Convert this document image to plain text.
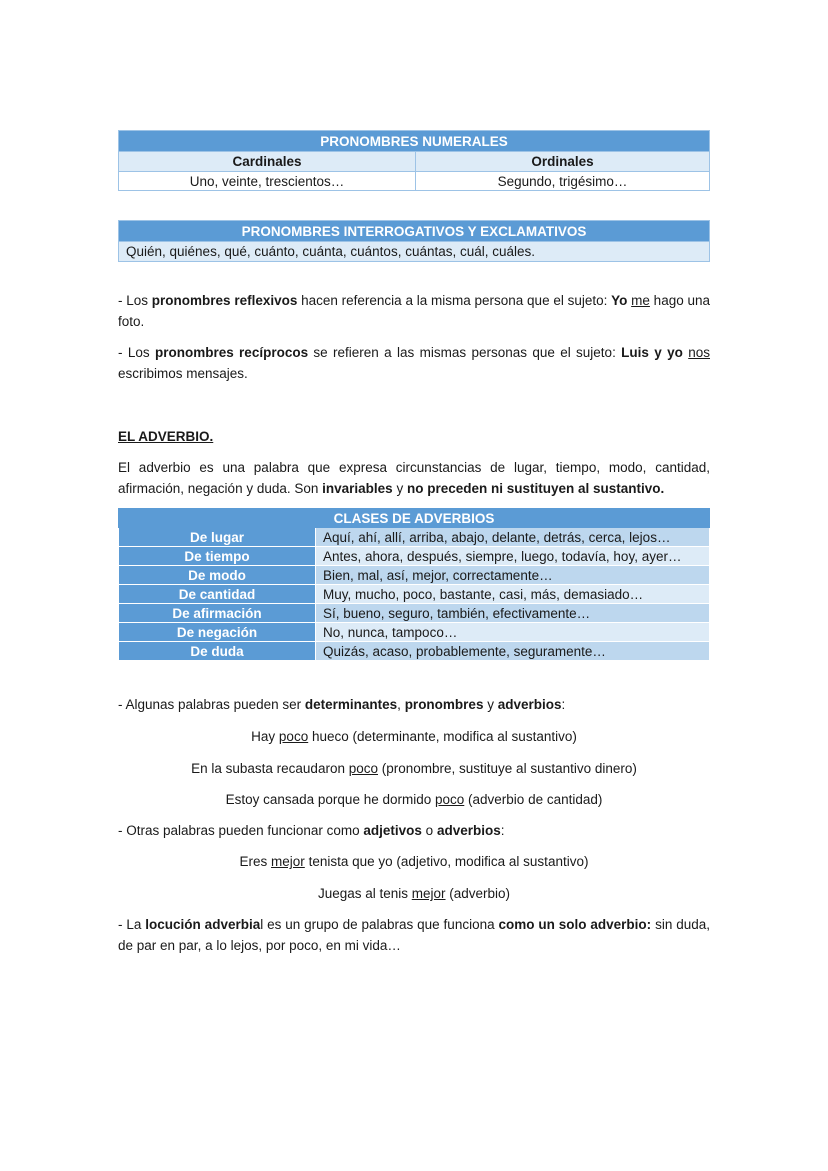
PRONOMBRES NUMERALES	
Cardinales	Ordinales
Uno, veinte, trescientos…	Segundo, trigésimo…
PRONOMBRES INTERROGATIVOS Y EXCLAMATIVOS
Quién, quiénes, qué, cuánto, cuánta, cuántos, cuántas, cuál, cuáles.

- Los pronombres reflexivos hacen referencia a la misma persona que el sujeto: Yo me hago una foto.

- Los pronombres recíprocos se refieren a las mismas personas que el sujeto: Luis y yo nos escribimos mensajes.

EL ADVERBIO.

El adverbio es una palabra que expresa circunstancias de lugar, tiempo, modo, cantidad, afirmación, negación y duda. Son invariables y no preceden ni sustituyen al sustantivo.

CLASES DE ADVERBIOS	
De lugar	Aquí, ahí, allí, arriba, abajo, delante, detrás, cerca, lejos…
De tiempo	Antes, ahora, después, siempre, luego, todavía, hoy, ayer…
De modo	Bien, mal, así, mejor, correctamente…
De cantidad	Muy, mucho, poco, bastante, casi, más, demasiado…
De afirmación	Sí, bueno, seguro, también, efectivamente…
De negación	No, nunca, tampoco…
De duda	Quizás, acaso, probablemente, seguramente…

- Algunas palabras pueden ser determinantes, pronombres y adverbios:

Hay poco hueco (determinante, modifica al sustantivo)

En la subasta recaudaron poco (pronombre, sustituye al sustantivo dinero)

Estoy cansada porque he dormido poco (adverbio de cantidad)

- Otras palabras pueden funcionar como adjetivos o adverbios:

Eres mejor tenista que yo (adjetivo, modifica al sustantivo)

Juegas al tenis mejor (adverbio)

- La locución adverbial es un grupo de palabras que funciona como un solo adverbio: sin duda, de par en par, a lo lejos, por poco, en mi vida…
